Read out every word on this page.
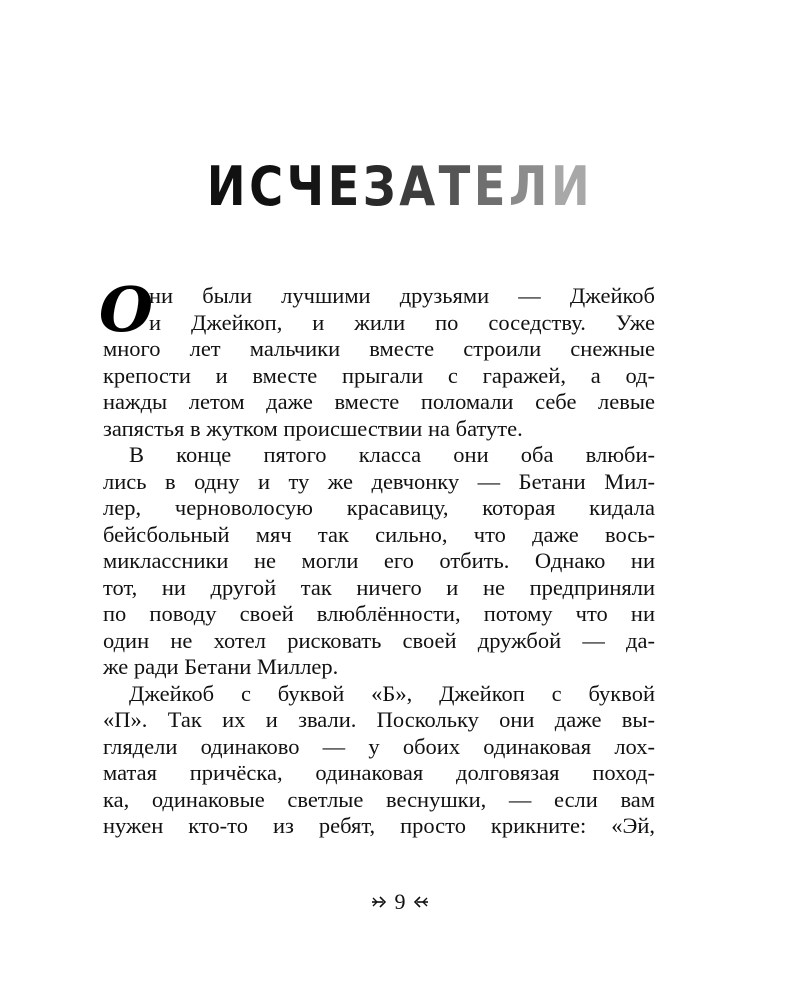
ИСЧЕЗАТЕЛИ
О
ни были лучшими друзьями — Джейкоб
и Джейкоп, и жили по соседству. Уже
много лет мальчики вместе строили снежные
крепости и вместе прыгали с гаражей, а од-
нажды летом даже вместе поломали себе левые
запястья в жутком происшествии на батуте.
В конце пятого класса они оба влюби-
лись в одну и ту же девчонку — Бетани Мил-
лер, черноволосую красавицу, которая кидала
бейсбольный мяч так сильно, что даже вось-
миклассники не могли его отбить. Однако ни
тот, ни другой так ничего и не предприняли
по поводу своей влюблённости, потому что ни
один не хотел рисковать своей дружбой — да-
же ради Бетани Миллер.
Джейкоб с буквой «Б», Джейкоп с буквой
«П». Так их и звали. Поскольку они даже вы-
глядели одинаково — у обоих одинаковая лох-
матая причёска, одинаковая долговязая поход-
ка, одинаковые светлые веснушки, — если вам
нужен кто-то из ребят, просто крикните: «Эй,
9
